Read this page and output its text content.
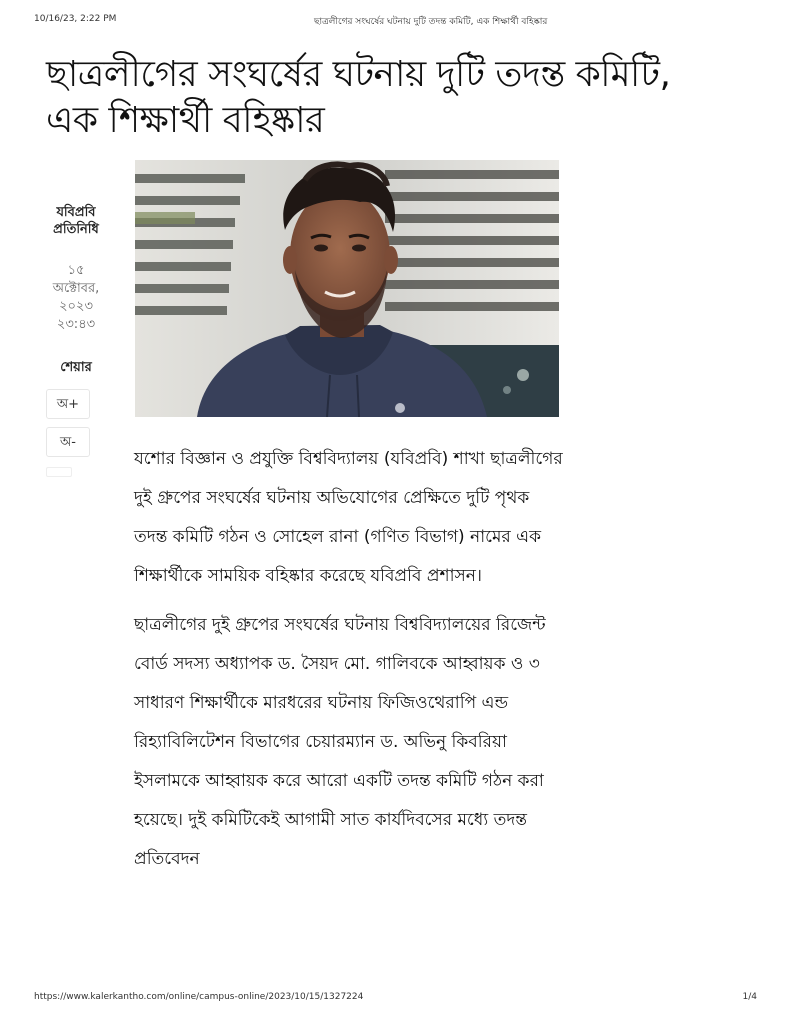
10/16/23, 2:22 PM	ছাত্রলীগের সংঘর্ষের ঘটনায় দুটি তদন্ত কমিটি, এক শিক্ষার্থী বহিষ্কার
ছাত্রলীগের সংঘর্ষের ঘটনায় দুটি তদন্ত কমিটি, এক শিক্ষার্থী বহিষ্কার
যবিপ্রবি প্রতিনিধি
১৫ অক্টোবর, ২০২৩ ২৩:৪৩
শেয়ার
অ+
অ-

যশোর বিজ্ঞান ও প্রযুক্তি বিশ্ববিদ্যালয় (যবিপ্রবি) শাখা ছাত্রলীগের দুই গ্রুপের সংঘর্ষের ঘটনায় অভিযোগের প্রেক্ষিতে দুটি পৃথক তদন্ত কমিটি গঠন ও সোহেল রানা (গণিত বিভাগ) নামের এক শিক্ষার্থীকে সাময়িক বহিষ্কার করেছে যবিপ্রবি প্রশাসন।

ছাত্রলীগের দুই গ্রুপের সংঘর্ষের ঘটনায় বিশ্ববিদ্যালয়ের রিজেন্ট বোর্ড সদস্য অধ্যাপক ড. সৈয়দ মো. গালিবকে আহ্বায়ক ও ৩ সাধারণ শিক্ষার্থীকে মারধরের ঘটনায় ফিজিওথেরাপি এন্ড রিহ্যাবিলিটেশন বিভাগের চেয়ারম্যান ড. অভিনু কিবরিয়া ইসলামকে আহ্বায়ক করে আরো একটি তদন্ত কমিটি গঠন করা হয়েছে। দুই কমিটিকেই আগামী সাত কার্যদিবসের মধ্যে তদন্ত প্রতিবেদন

https://www.kalerkantho.com/online/campus-online/2023/10/15/1327224	1/4
